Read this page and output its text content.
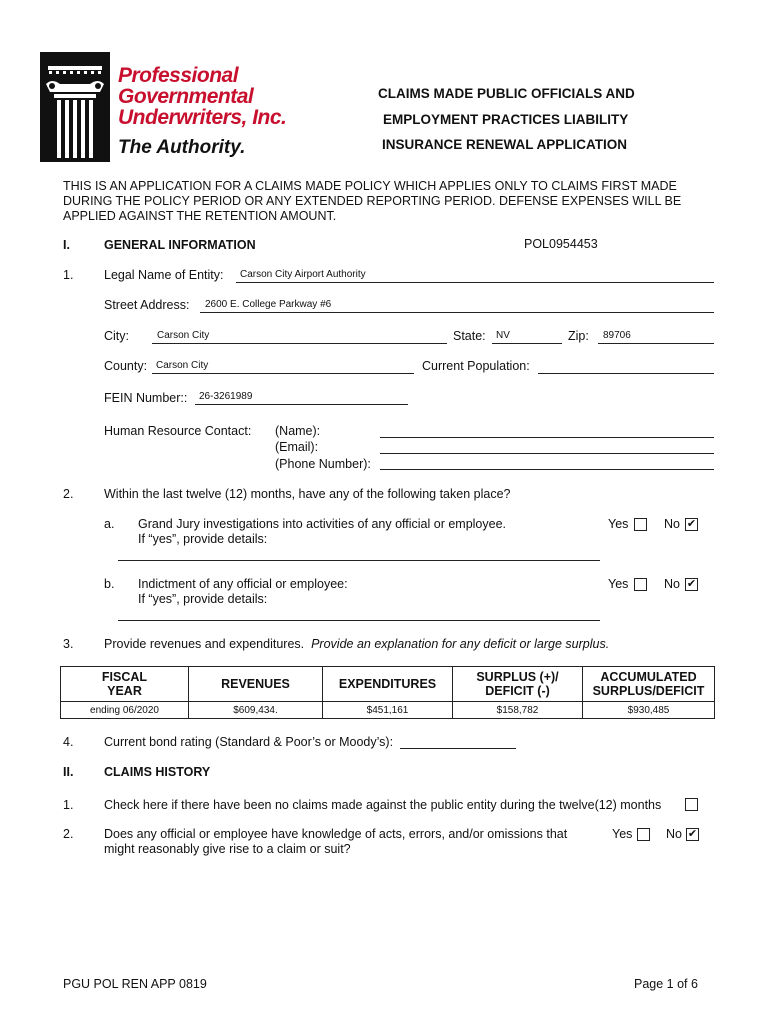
Professional
Governmental
Underwriters, Inc.
The Authority.
CLAIMS MADE PUBLIC OFFICIALS AND
EMPLOYMENT PRACTICES LIABILITY
INSURANCE RENEWAL APPLICATION
THIS IS AN APPLICATION FOR A CLAIMS MADE POLICY WHICH APPLIES ONLY TO CLAIMS FIRST MADE
DURING THE POLICY PERIOD OR ANY EXTENDED REPORTING PERIOD. DEFENSE EXPENSES WILL BE
APPLIED AGAINST THE RETENTION AMOUNT.
I.	GENERAL INFORMATION	POL0954453
1. Legal Name of Entity: Carson City Airport Authority
Street Address: 2600 E. College Parkway #6
City:	Carson City	State: NV	Zip: 89706
County: Carson City	Current Population:
FEIN Number:: 26-3261989
Human Resource Contact: (Name):
(Email):
(Phone Number):
2. Within the last twelve (12) months, have any of the following taken place?
a. Grand Jury investigations into activities of any official or employee.
If “yes”, provide details:
Yes	No ✔
b. Indictment of any official or employee:
If “yes”, provide details:
Yes	No ✔
3. Provide revenues and expenditures. Provide an explanation for any deficit or large surplus.
FISCAL
YEAR	REVENUES	EXPENDITURES	SURPLUS (+)/
DEFICIT (-)	ACCUMULATED
SURPLUS/DEFICIT
ending 06/2020	$609,434.	$451,161	$158,782	$930,485
4. Current bond rating (Standard & Poor’s or Moody’s):
II. CLAIMS HISTORY
1. Check here if there have been no claims made against the public entity during the twelve(12) months
2. Does any official or employee have knowledge of acts, errors, and/or omissions that
might reasonably give rise to a claim or suit?
Yes	No ✔
PGU POL REN APP 0819	Page 1 of 6
